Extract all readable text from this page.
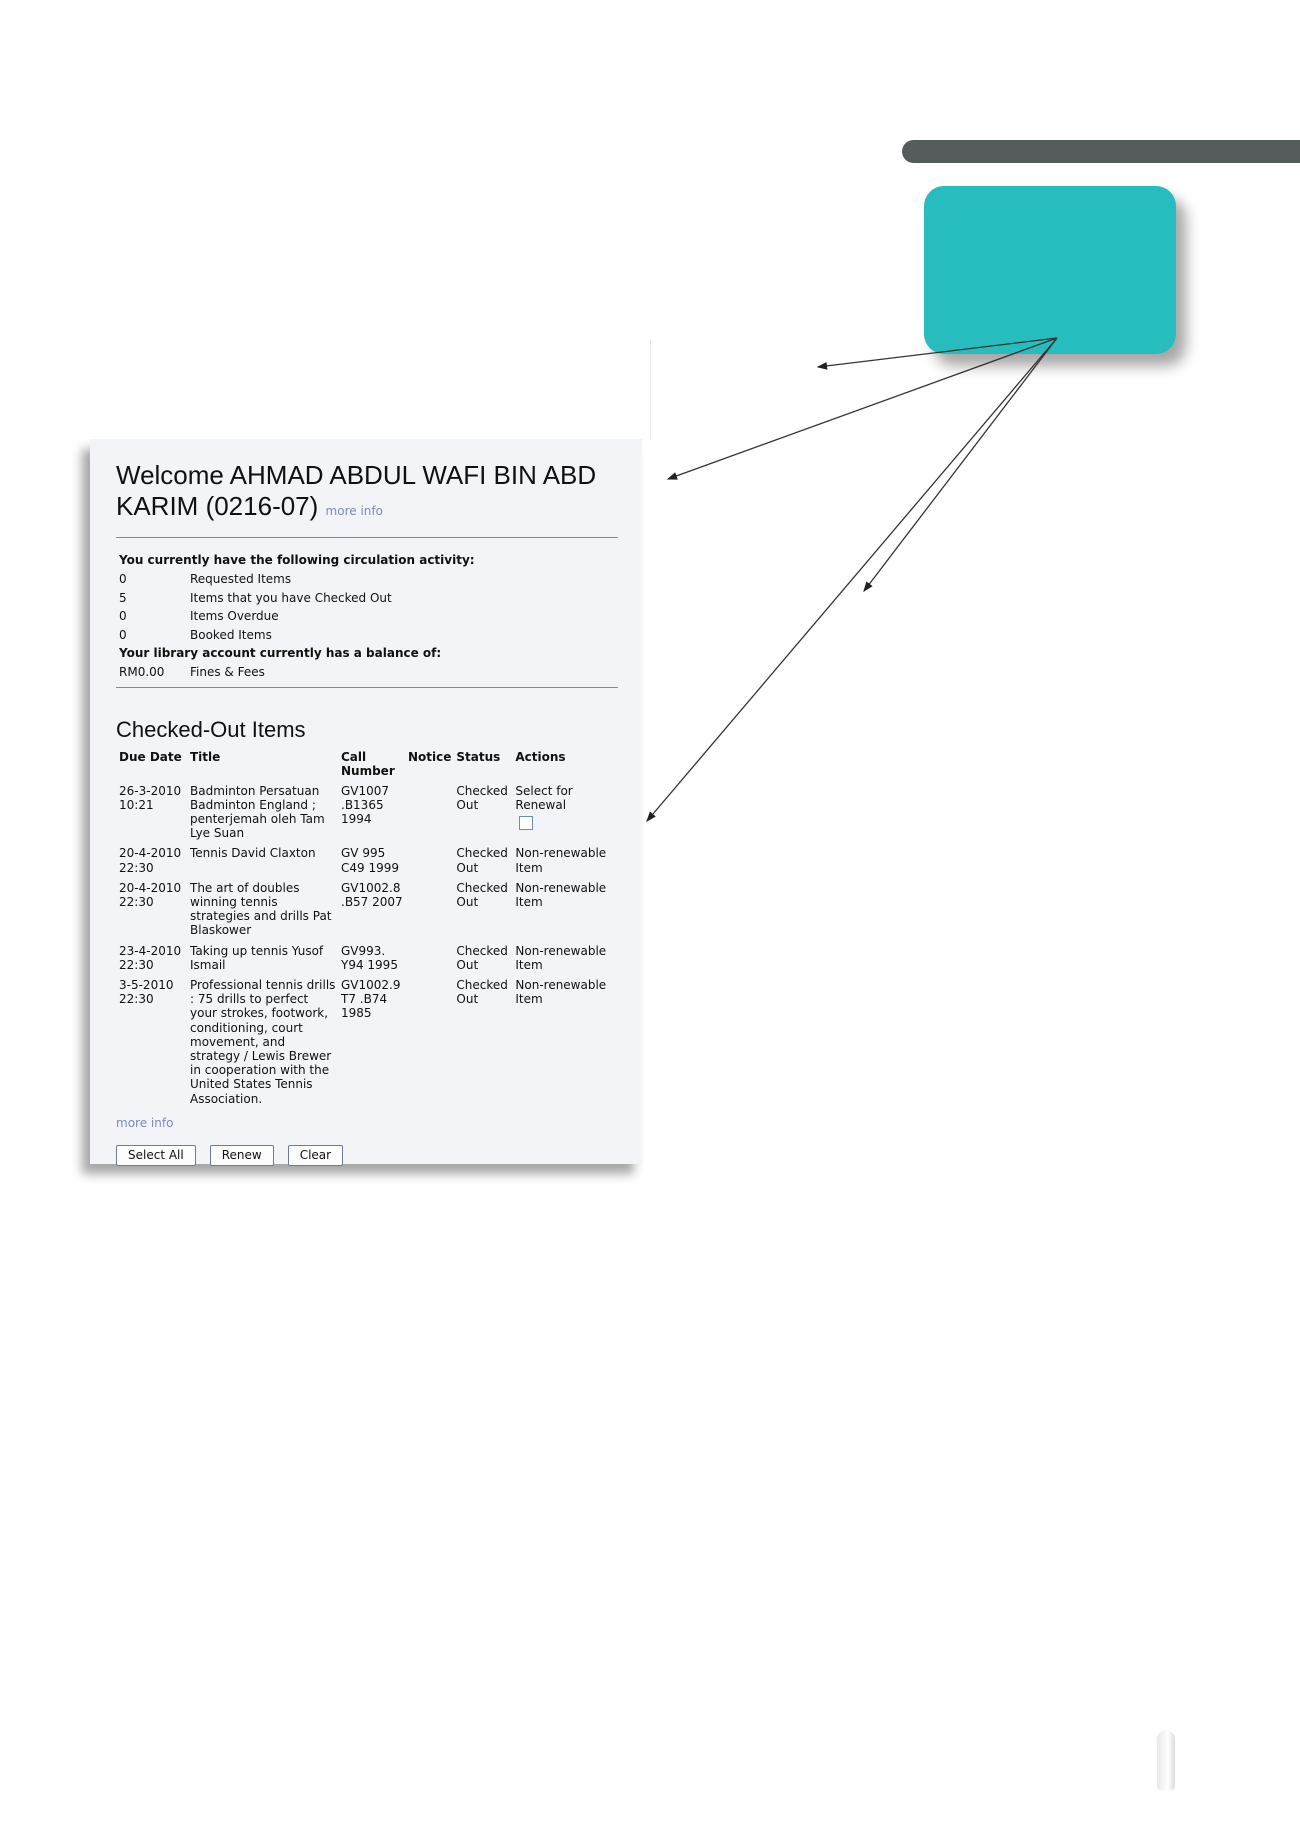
Welcome AHMAD ABDUL WAFI BIN ABD KARIM (0216-07) more info
You currently have the following circulation activity:
0	Requested Items
5	Items that you have Checked Out
0	Items Overdue
0	Booked Items
Your library account currently has a balance of:
RM0.00	Fines & Fees
Checked-Out Items
Due Date	Title	Call Number	Notice	Status	Actions
26-3-2010 10:21	Badminton Persatuan Badminton England ; penterjemah oleh Tam Lye Suan	GV1007 .B1365 1994		Checked Out	Select for Renewal

20-4-2010 22:30	Tennis David Claxton	GV 995 C49 1999		Checked Out	Non-renewable Item
20-4-2010 22:30	The art of doubles winning tennis strategies and drills Pat Blaskower	GV1002.8 .B57 2007		Checked Out	Non-renewable Item
23-4-2010 22:30	Taking up tennis Yusof Ismail	GV993. Y94 1995		Checked Out	Non-renewable Item
3-5-2010 22:30	Professional tennis drills : 75 drills to perfect your strokes, footwork, conditioning, court movement, and strategy / Lewis Brewer in cooperation with the United States Tennis Association.	GV1002.9 T7 .B74 1985		Checked Out	Non-renewable Item
more info
Select All	Renew	Clear
